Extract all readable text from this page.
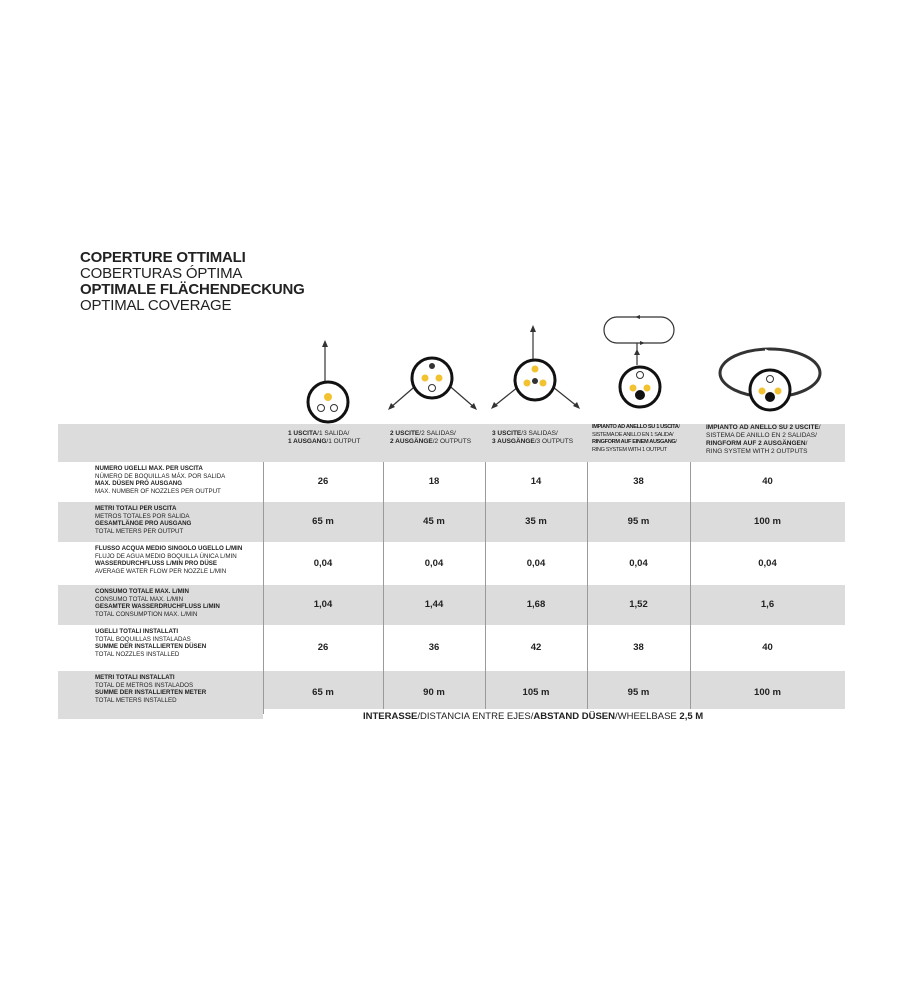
COPERTURE OTTIMALI
COBERTURAS ÓPTIMA
OPTIMALE FLÄCHENDECKUNG
OPTIMAL COVERAGE
1 USCITA/1 SALIDA/
1 AUSGANG/1 OUTPUT
2 USCITE/2 SALIDAS/
2 AUSGÄNGE/2 OUTPUTS
3 USCITE/3 SALIDAS/
3 AUSGÄNGE/3 OUTPUTS
IMPIANTO AD ANELLO SU 1 USCITA/
SISTEMA DE ANILLO EN 1 SALIDA/
RINGFORM AUF EINEM AUSGANG/
RING SYSTEM WITH 1 OUTPUT
IMPIANTO AD ANELLO SU 2 USCITE/
SISTEMA DE ANILLO EN 2 SALIDAS/
RINGFORM AUF 2 AUSGÄNGEN/
RING SYSTEM WITH 2 OUTPUTS
NUMERO UGELLI MAX. PER USCITA
NÚMERO DE BOQUILLAS MÁX. POR SALIDA
MAX. DÜSEN PRO AUSGANG
MAX. NUMBER OF NOZZLES PER OUTPUT
26	18	14	38	40
METRI TOTALI PER USCITA
METROS TOTALES POR SALIDA
GESAMTLÄNGE PRO AUSGANG
TOTAL METERS PER OUTPUT
65 m	45 m	35 m	95 m	100 m
FLUSSO ACQUA MEDIO SINGOLO UGELLO L/MIN
FLUJO DE AGUA MEDIO BOQUILLA ÚNICA L/MIN
WASSERDURCHFLUSS L/MIN PRO DÜSE
AVERAGE WATER FLOW PER NOZZLE L/MIN
0,04	0,04	0,04	0,04	0,04
CONSUMO TOTALE MAX. L/MIN
CONSUMO TOTAL MAX. L/MIN
GESAMTER WASSERDRUCHFLUSS L/MIN
TOTAL CONSUMPTION MAX. L/MIN
1,04	1,44	1,68	1,52	1,6
UGELLI TOTALI INSTALLATI
TOTAL BOQUILLAS INSTALADAS
SUMME DER INSTALLIERTEN DÜSEN
TOTAL NOZZLES INSTALLED
26	36	42	38	40
METRI TOTALI INSTALLATI
TOTAL DE METROS INSTALADOS
SUMME DER INSTALLIERTEN METER
TOTAL METERS INSTALLED
65 m	90 m	105 m	95 m	100 m
INTERASSE/DISTANCIA ENTRE EJES/ABSTAND DÜSEN/WHEELBASE 2,5 M
